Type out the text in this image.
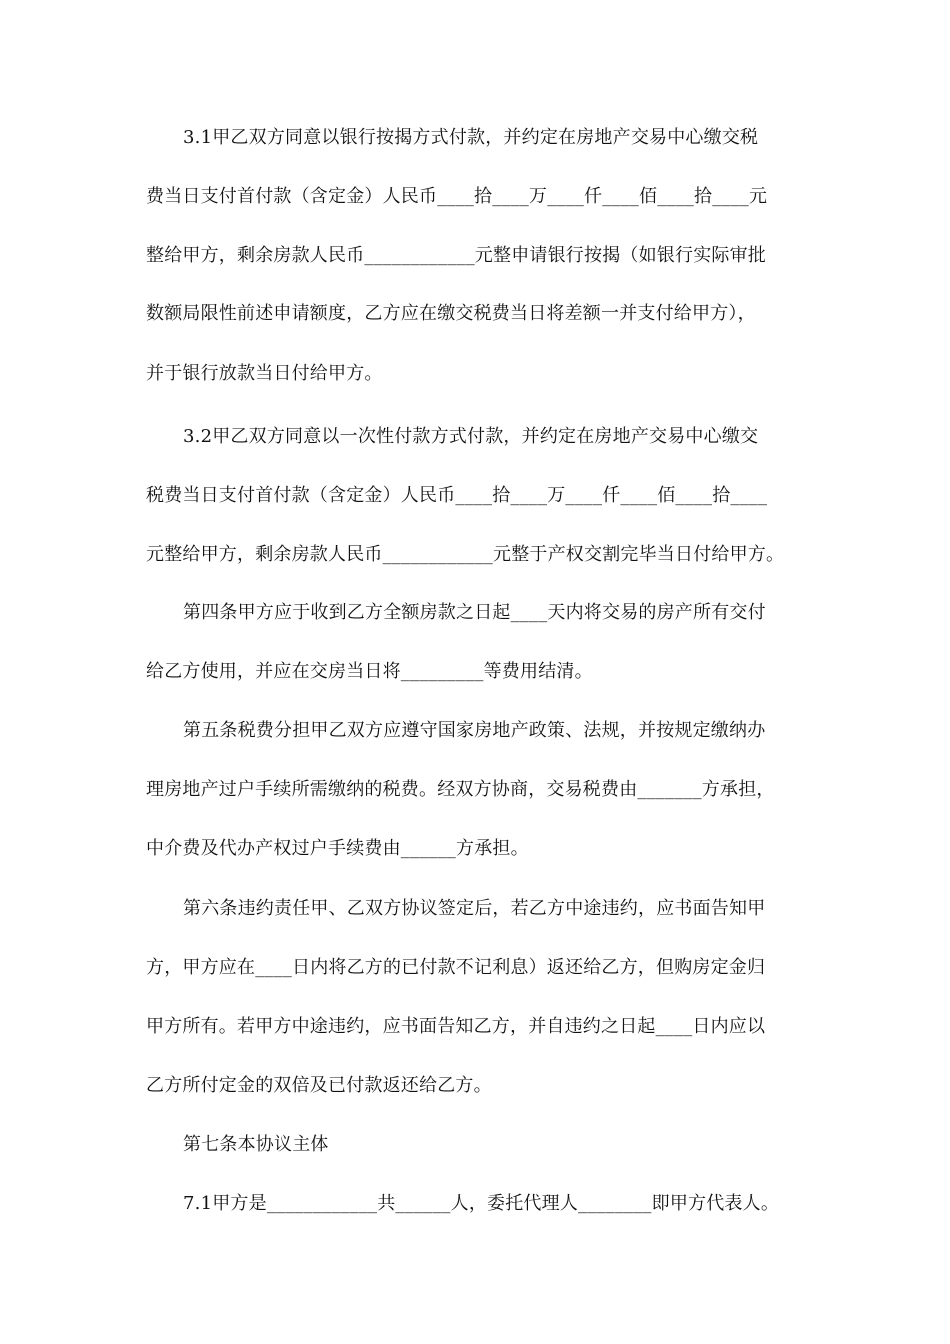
3.1甲乙双方同意以银行按揭方式付款，并约定在房地产交易中心缴交税
费当日支付首付款（含定金）人民币____拾____万____仟____佰____拾____元
整给甲方，剩余房款人民币____________元整申请银行按揭（如银行实际审批
数额局限性前述申请额度，乙方应在缴交税费当日将差额一并支付给甲方），
并于银行放款当日付给甲方。
3.2甲乙双方同意以一次性付款方式付款，并约定在房地产交易中心缴交
税费当日支付首付款（含定金）人民币____拾____万____仟____佰____拾____
元整给甲方，剩余房款人民币____________元整于产权交割完毕当日付给甲方。
第四条甲方应于收到乙方全额房款之日起____天内将交易的房产所有交付
给乙方使用，并应在交房当日将_________等费用结清。
第五条税费分担甲乙双方应遵守国家房地产政策、法规，并按规定缴纳办
理房地产过户手续所需缴纳的税费。经双方协商，交易税费由_______方承担，
中介费及代办产权过户手续费由______方承担。
第六条违约责任甲、乙双方协议签定后，若乙方中途违约，应书面告知甲
方，甲方应在____日内将乙方的已付款不记利息）返还给乙方，但购房定金归
甲方所有。若甲方中途违约，应书面告知乙方，并自违约之日起____日内应以
乙方所付定金的双倍及已付款返还给乙方。
第七条本协议主体
7.1甲方是____________共______人，委托代理人________即甲方代表人。
